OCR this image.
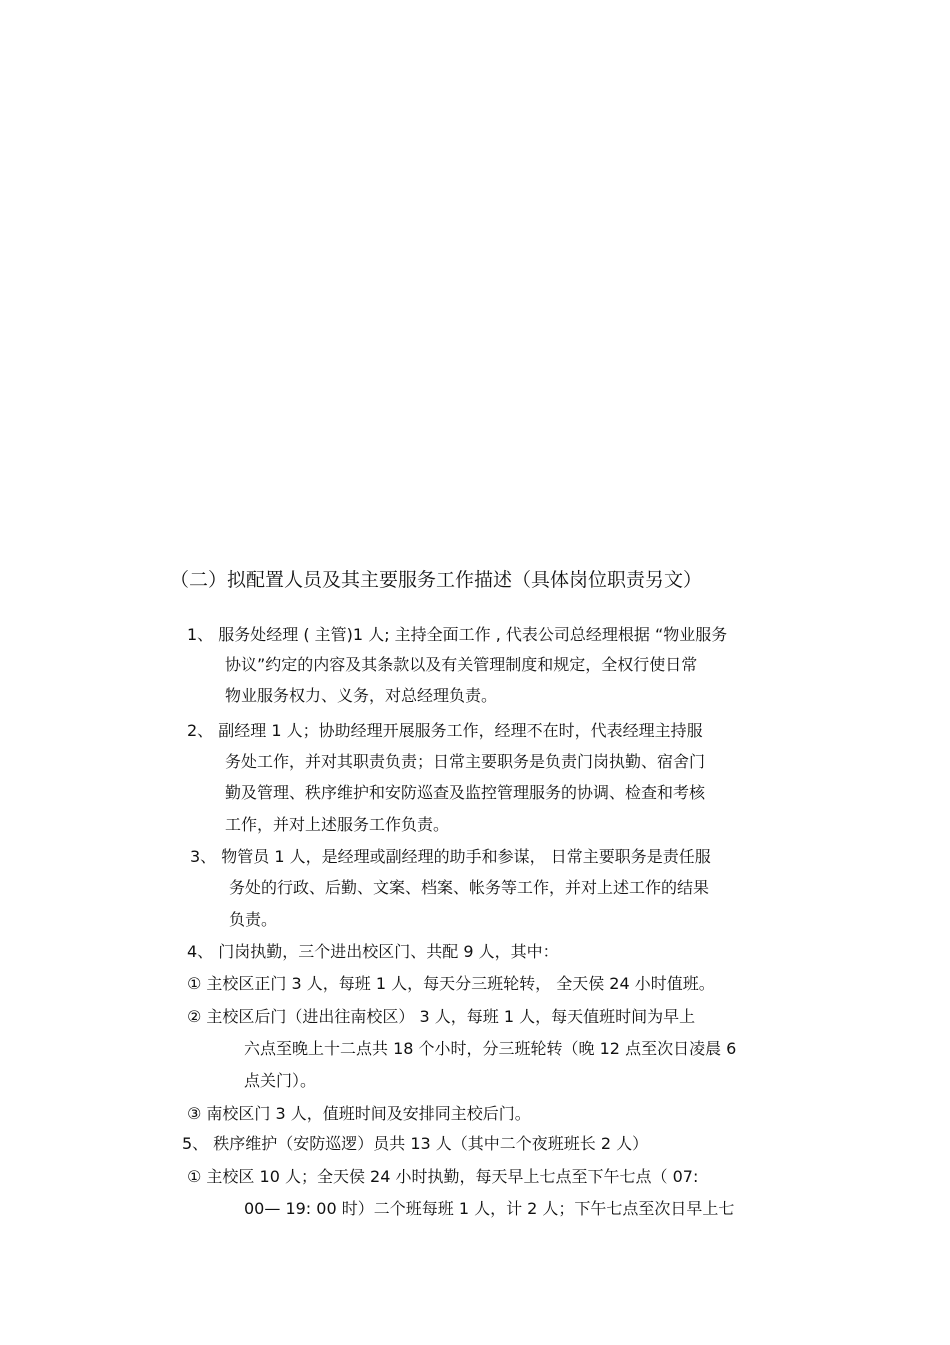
（二）拟配置人员及其主要服务工作描述（具体岗位职责另文）
1、 服务处经理 ( 主管)1 人; 主持全面工作 , 代表公司总经理根据 “物业服务
协议”约定的内容及其条款以及有关管理制度和规定，全权行使日常
物业服务权力、义务，对总经理负责。
2、 副经理 1 人；协助经理开展服务工作，经理不在时，代表经理主持服
务处工作，并对其职责负责；日常主要职务是负责门岗执勤、宿舍门
勤及管理、秩序维护和安防巡查及监控管理服务的协调、检查和考核
工作，并对上述服务工作负责。
3、 物管员 1 人，是经理或副经理的助手和参谋， 日常主要职务是责任服
务处的行政、后勤、文案、档案、帐务等工作，并对上述工作的结果
负责。
4、 门岗执勤，三个进出校区门、共配 9 人，其中：
① 主校区正门 3 人，每班 1 人，每天分三班轮转， 全天侯 24 小时值班。
② 主校区后门（进出往南校区） 3 人，每班 1 人，每天值班时间为早上
六点至晚上十二点共 18 个小时，分三班轮转（晚 12 点至次日凌晨 6
点关门）。
③ 南校区门 3 人，值班时间及安排同主校后门。
5、 秩序维护（安防巡逻）员共 13 人（其中二个夜班班长 2 人）
① 主校区 10 人；全天侯 24 小时执勤，每天早上七点至下午七点（ 07:
00— 19: 00 时）二个班每班 1 人，计 2 人；下午七点至次日早上七
